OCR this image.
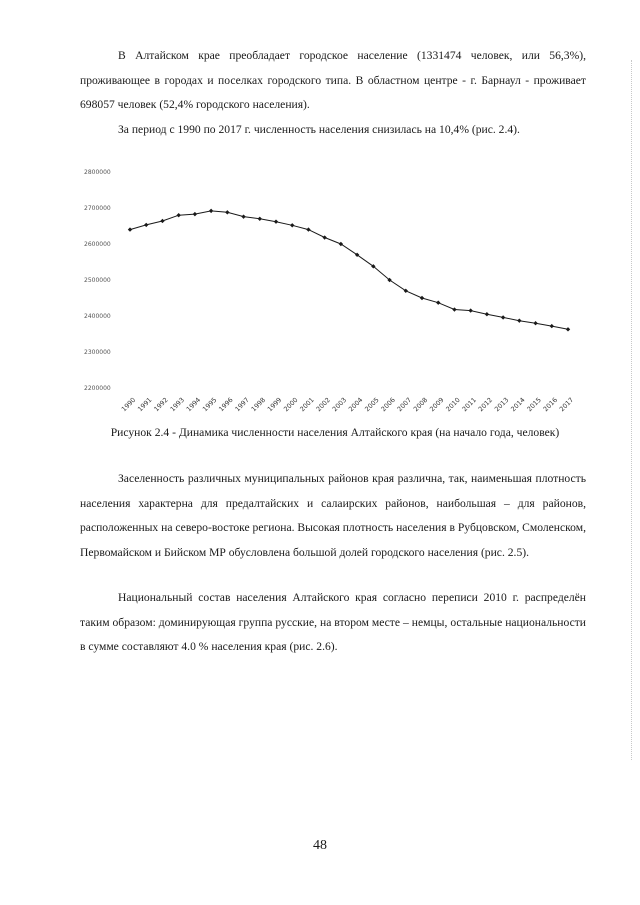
В Алтайском крае преобладает городское население (1331474 человек, или 56,3%), проживающее в городах и поселках городского типа. В областном центре - г. Барнаул - проживает 698057 человек (52,4% городского населения).

За период с 1990 по 2017 г. численность населения снизилась на 10,4% (рис. 2.4).

2800000
2700000
2600000
2500000
2400000
2300000
2200000
1990
1991
1992
1993
1994
1995
1996
1997
1998
1999
2000
2001
2002
2003
2004
2005
2006
2007
2008
2009
2010
2011
2012
2013
2014
2015
2016
2017

Рисунок 2.4 - Динамика численности населения Алтайского края (на начало года, человек)

Заселенность различных муниципальных районов края различна, так, наименьшая плотность населения характерна для предалтайских и салаирских районов, наибольшая – для районов, расположенных на северо-востоке региона. Высокая плотность населения в Рубцовском, Смоленском, Первомайском и Бийском МР обусловлена большой долей городского населения (рис. 2.5).

Национальный состав населения Алтайского края согласно переписи 2010 г. распределён таким образом: доминирующая группа русские, на втором месте – немцы, остальные национальности в сумме составляют 4.0 % населения края (рис. 2.6).

48
